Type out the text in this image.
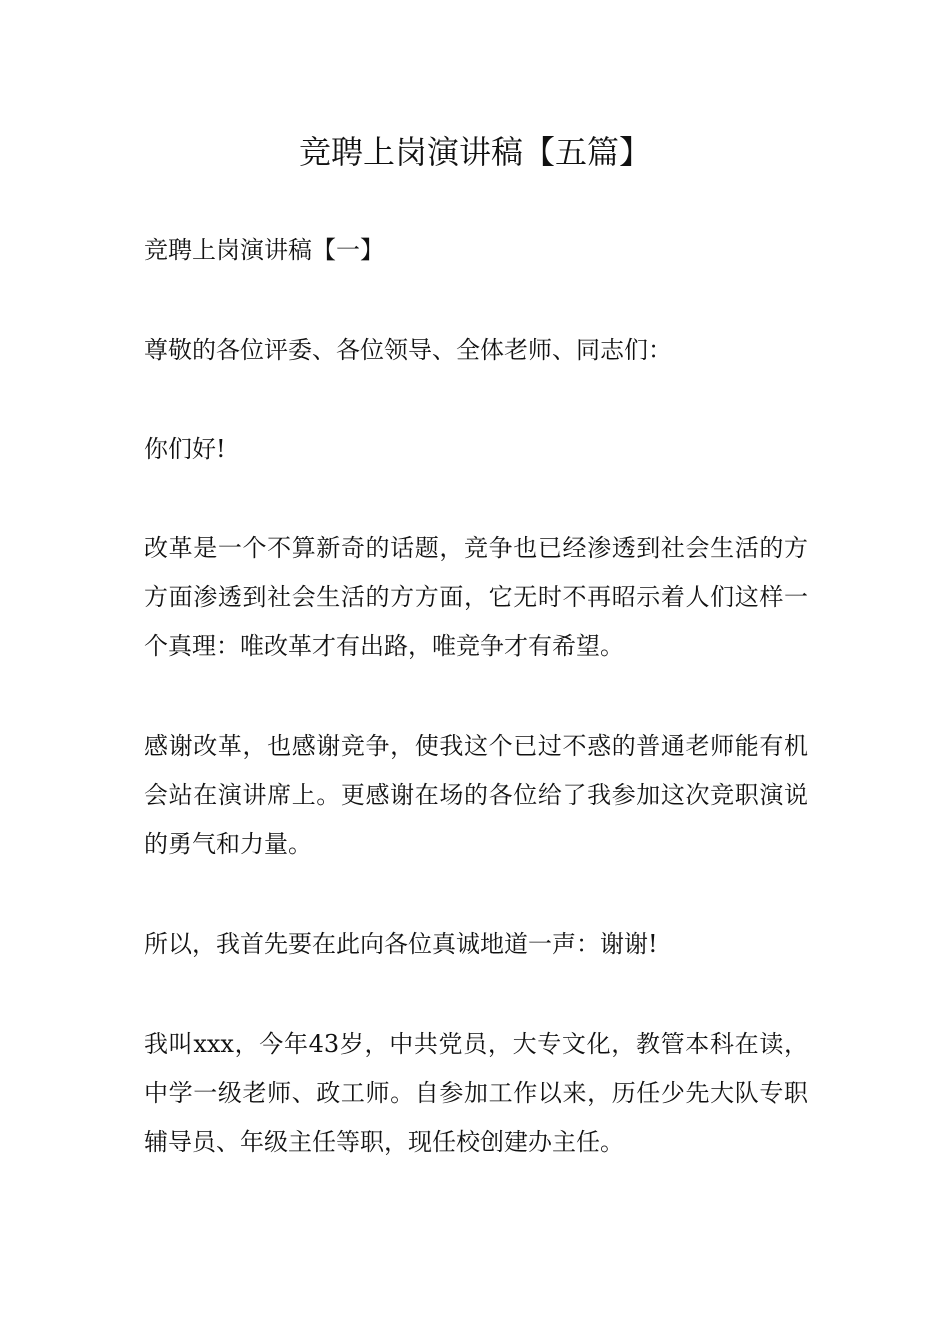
竞聘上岗演讲稿【五篇】

竞聘上岗演讲稿【一】

尊敬的各位评委、各位领导、全体老师、同志们：

你们好!

改革是一个不算新奇的话题，竞争也已经渗透到社会生活的方方面渗透到社会生活的方方面，它无时不再昭示着人们这样一个真理：唯改革才有出路，唯竞争才有希望。

感谢改革，也感谢竞争，使我这个已过不惑的普通老师能有机会站在演讲席上。更感谢在场的各位给了我参加这次竞职演说的勇气和力量。

所以，我首先要在此向各位真诚地道一声：谢谢!

我叫xxx，今年43岁，中共党员，大专文化，教管本科在读，中学一级老师、政工师。自参加工作以来，历任少先大队专职辅导员、年级主任等职，现任校创建办主任。
